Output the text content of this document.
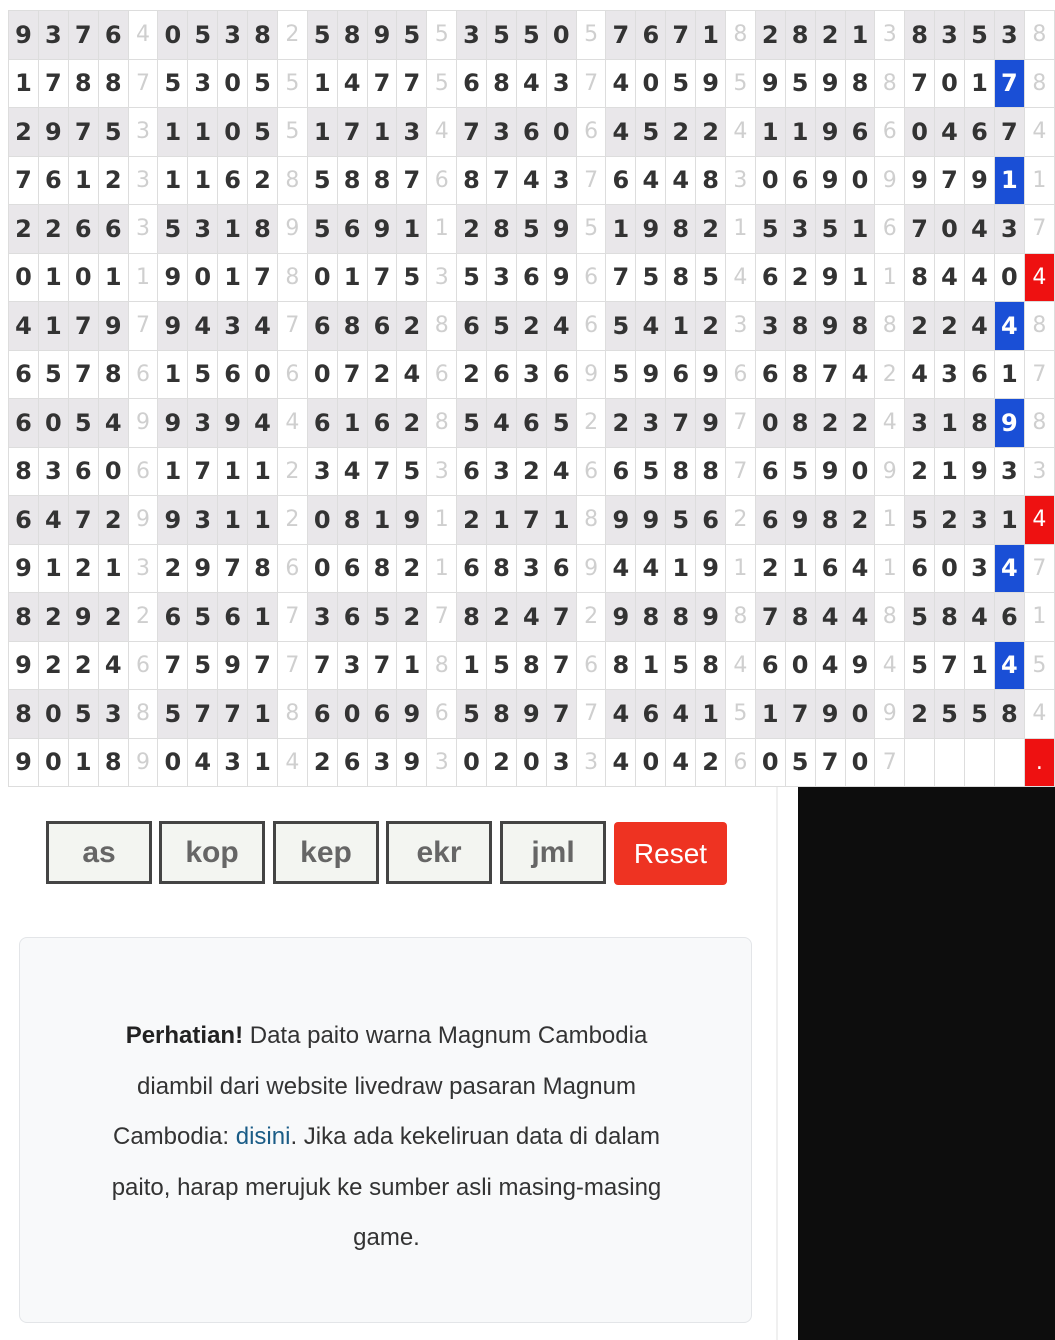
9	3	7	6	4	0	5	3	8	2	5	8	9	5	5	3	5	5	0	5	7	6	7	1	8	2	8	2	1	3	8	3	5	3	8
1	7	8	8	7	5	3	0	5	5	1	4	7	7	5	6	8	4	3	7	4	0	5	9	5	9	5	9	8	8	7	0	1	7	8
2	9	7	5	3	1	1	0	5	5	1	7	1	3	4	7	3	6	0	6	4	5	2	2	4	1	1	9	6	6	0	4	6	7	4
7	6	1	2	3	1	1	6	2	8	5	8	8	7	6	8	7	4	3	7	6	4	4	8	3	0	6	9	0	9	9	7	9	1	1
2	2	6	6	3	5	3	1	8	9	5	6	9	1	1	2	8	5	9	5	1	9	8	2	1	5	3	5	1	6	7	0	4	3	7
0	1	0	1	1	9	0	1	7	8	0	1	7	5	3	5	3	6	9	6	7	5	8	5	4	6	2	9	1	1	8	4	4	0	4
4	1	7	9	7	9	4	3	4	7	6	8	6	2	8	6	5	2	4	6	5	4	1	2	3	3	8	9	8	8	2	2	4	4	8
6	5	7	8	6	1	5	6	0	6	0	7	2	4	6	2	6	3	6	9	5	9	6	9	6	6	8	7	4	2	4	3	6	1	7
6	0	5	4	9	9	3	9	4	4	6	1	6	2	8	5	4	6	5	2	2	3	7	9	7	0	8	2	2	4	3	1	8	9	8
8	3	6	0	6	1	7	1	1	2	3	4	7	5	3	6	3	2	4	6	6	5	8	8	7	6	5	9	0	9	2	1	9	3	3
6	4	7	2	9	9	3	1	1	2	0	8	1	9	1	2	1	7	1	8	9	9	5	6	2	6	9	8	2	1	5	2	3	1	4
9	1	2	1	3	2	9	7	8	6	0	6	8	2	1	6	8	3	6	9	4	4	1	9	1	2	1	6	4	1	6	0	3	4	7
8	2	9	2	2	6	5	6	1	7	3	6	5	2	7	8	2	4	7	2	9	8	8	9	8	7	8	4	4	8	5	8	4	6	1
9	2	2	4	6	7	5	9	7	7	7	3	7	1	8	1	5	8	7	6	8	1	5	8	4	6	0	4	9	4	5	7	1	4	5
8	0	5	3	8	5	7	7	1	8	6	0	6	9	6	5	8	9	7	7	4	6	4	1	5	1	7	9	0	9	2	5	5	8	4
9	0	1	8	9	0	4	3	1	4	2	6	3	9	3	0	2	0	3	3	4	0	4	2	6	0	5	7	0	7					.
as	kop	kep	ekr	jml	Reset
Perhatian! Data paito warna Magnum Cambodia diambil dari website livedraw pasaran Magnum Cambodia: disini. Jika ada kekeliruan data di dalam paito, harap merujuk ke sumber asli masing-masing game.
